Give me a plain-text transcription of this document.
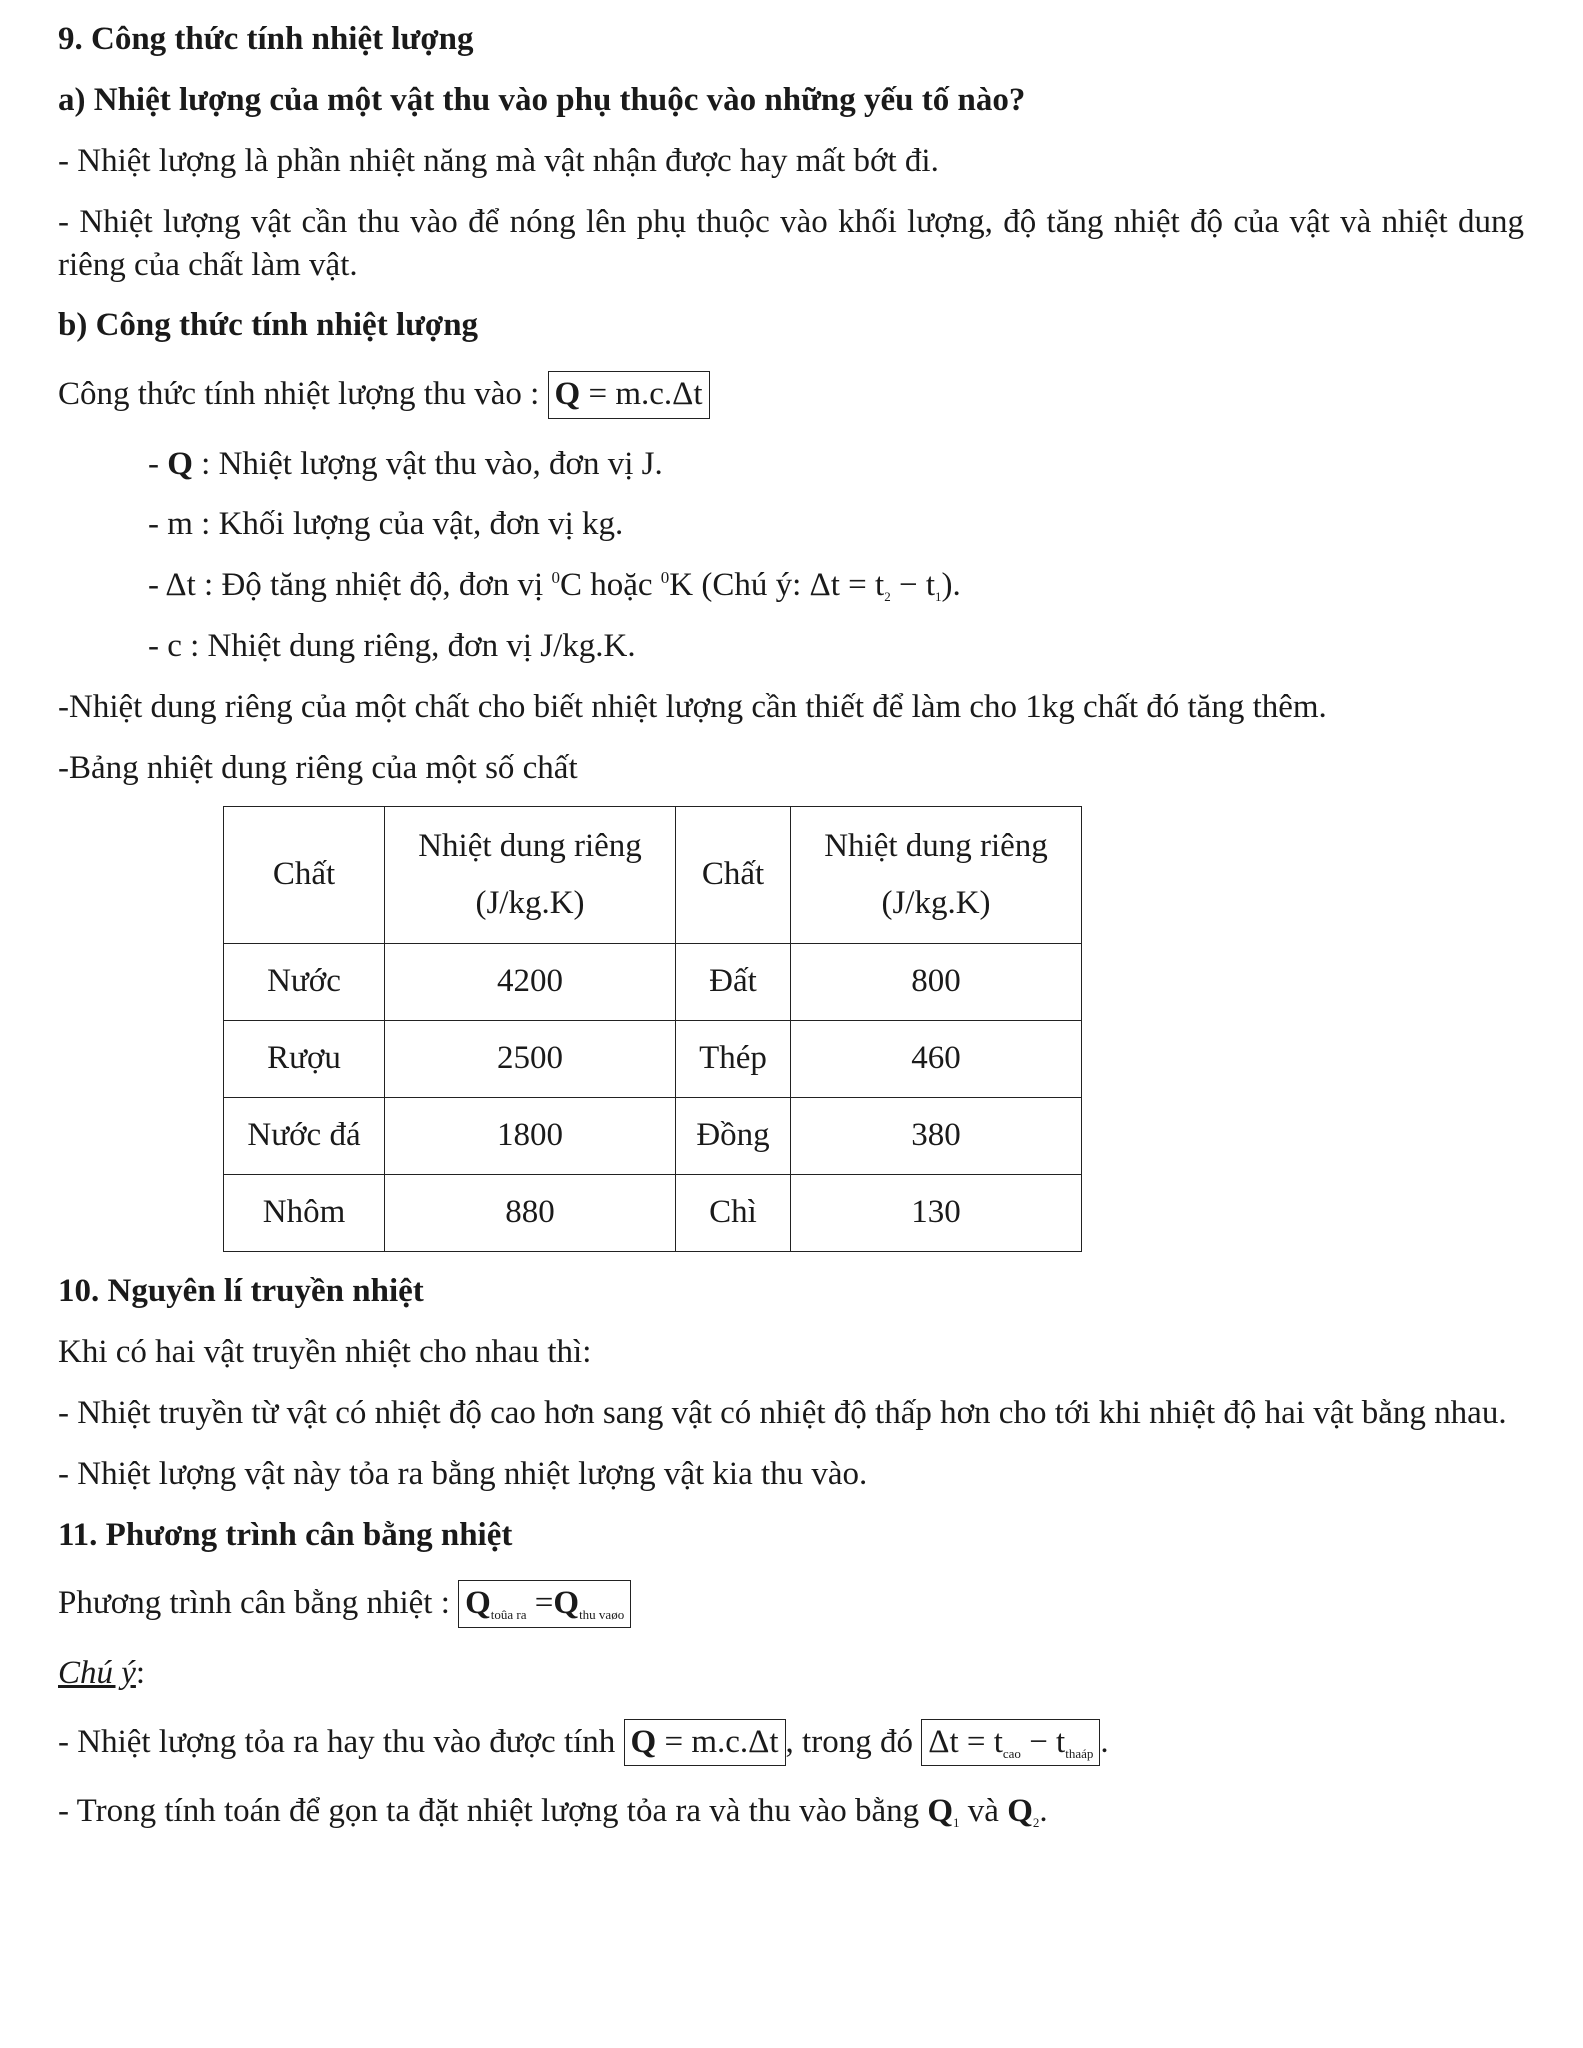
9. Công thức tính nhiệt lượng

a) Nhiệt lượng của một vật thu vào phụ thuộc vào những yếu tố nào?

- Nhiệt lượng là phần nhiệt năng mà vật nhận được hay mất bớt đi.

- Nhiệt lượng vật cần thu vào để nóng lên phụ thuộc vào khối lượng, độ tăng nhiệt độ của vật và nhiệt dung riêng của chất làm vật.

b) Công thức tính nhiệt lượng

Công thức tính nhiệt lượng thu vào : Q = m.c.Δt

- Q : Nhiệt lượng vật thu vào, đơn vị J.

- m : Khối lượng của vật, đơn vị kg.

- Δt : Độ tăng nhiệt độ, đơn vị $^0$C hoặc $^0$K (Chú ý: $\Delta t = t_2 - t_1$).

- c : Nhiệt dung riêng, đơn vị J/kg.K.

-Nhiệt dung riêng của một chất cho biết nhiệt lượng cần thiết để làm cho 1kg chất đó tăng thêm.

-Bảng nhiệt dung riêng của một số chất

Chất	Nhiệt dung riêng
(J/kg.K)	Chất	Nhiệt dung riêng
(J/kg.K)

Nước	4200	Đất	800
Rượu	2500	Thép	460
Nước đá	1800	Đồng	380
Nhôm	880	Chì	130

10. Nguyên lí truyền nhiệt

Khi có hai vật truyền nhiệt cho nhau thì:

- Nhiệt truyền từ vật có nhiệt độ cao hơn sang vật có nhiệt độ thấp hơn cho tới khi nhiệt độ hai vật bằng nhau.

- Nhiệt lượng vật này tỏa ra bằng nhiệt lượng vật kia thu vào.

11. Phương trình cân bằng nhiệt

Phương trình cân bằng nhiệt : $Q_{toûa ra} =Q_{thu vaøo}$

Chú ý:

- Nhiệt lượng tỏa ra hay thu vào được tính Q = m.c.Δt , trong đó $\Delta t = t_{cao} - t_{thaáp}$ .

- Trong tính toán để gọn ta đặt nhiệt lượng tỏa ra và thu vào bằng $Q_1$ và $Q_2$.
